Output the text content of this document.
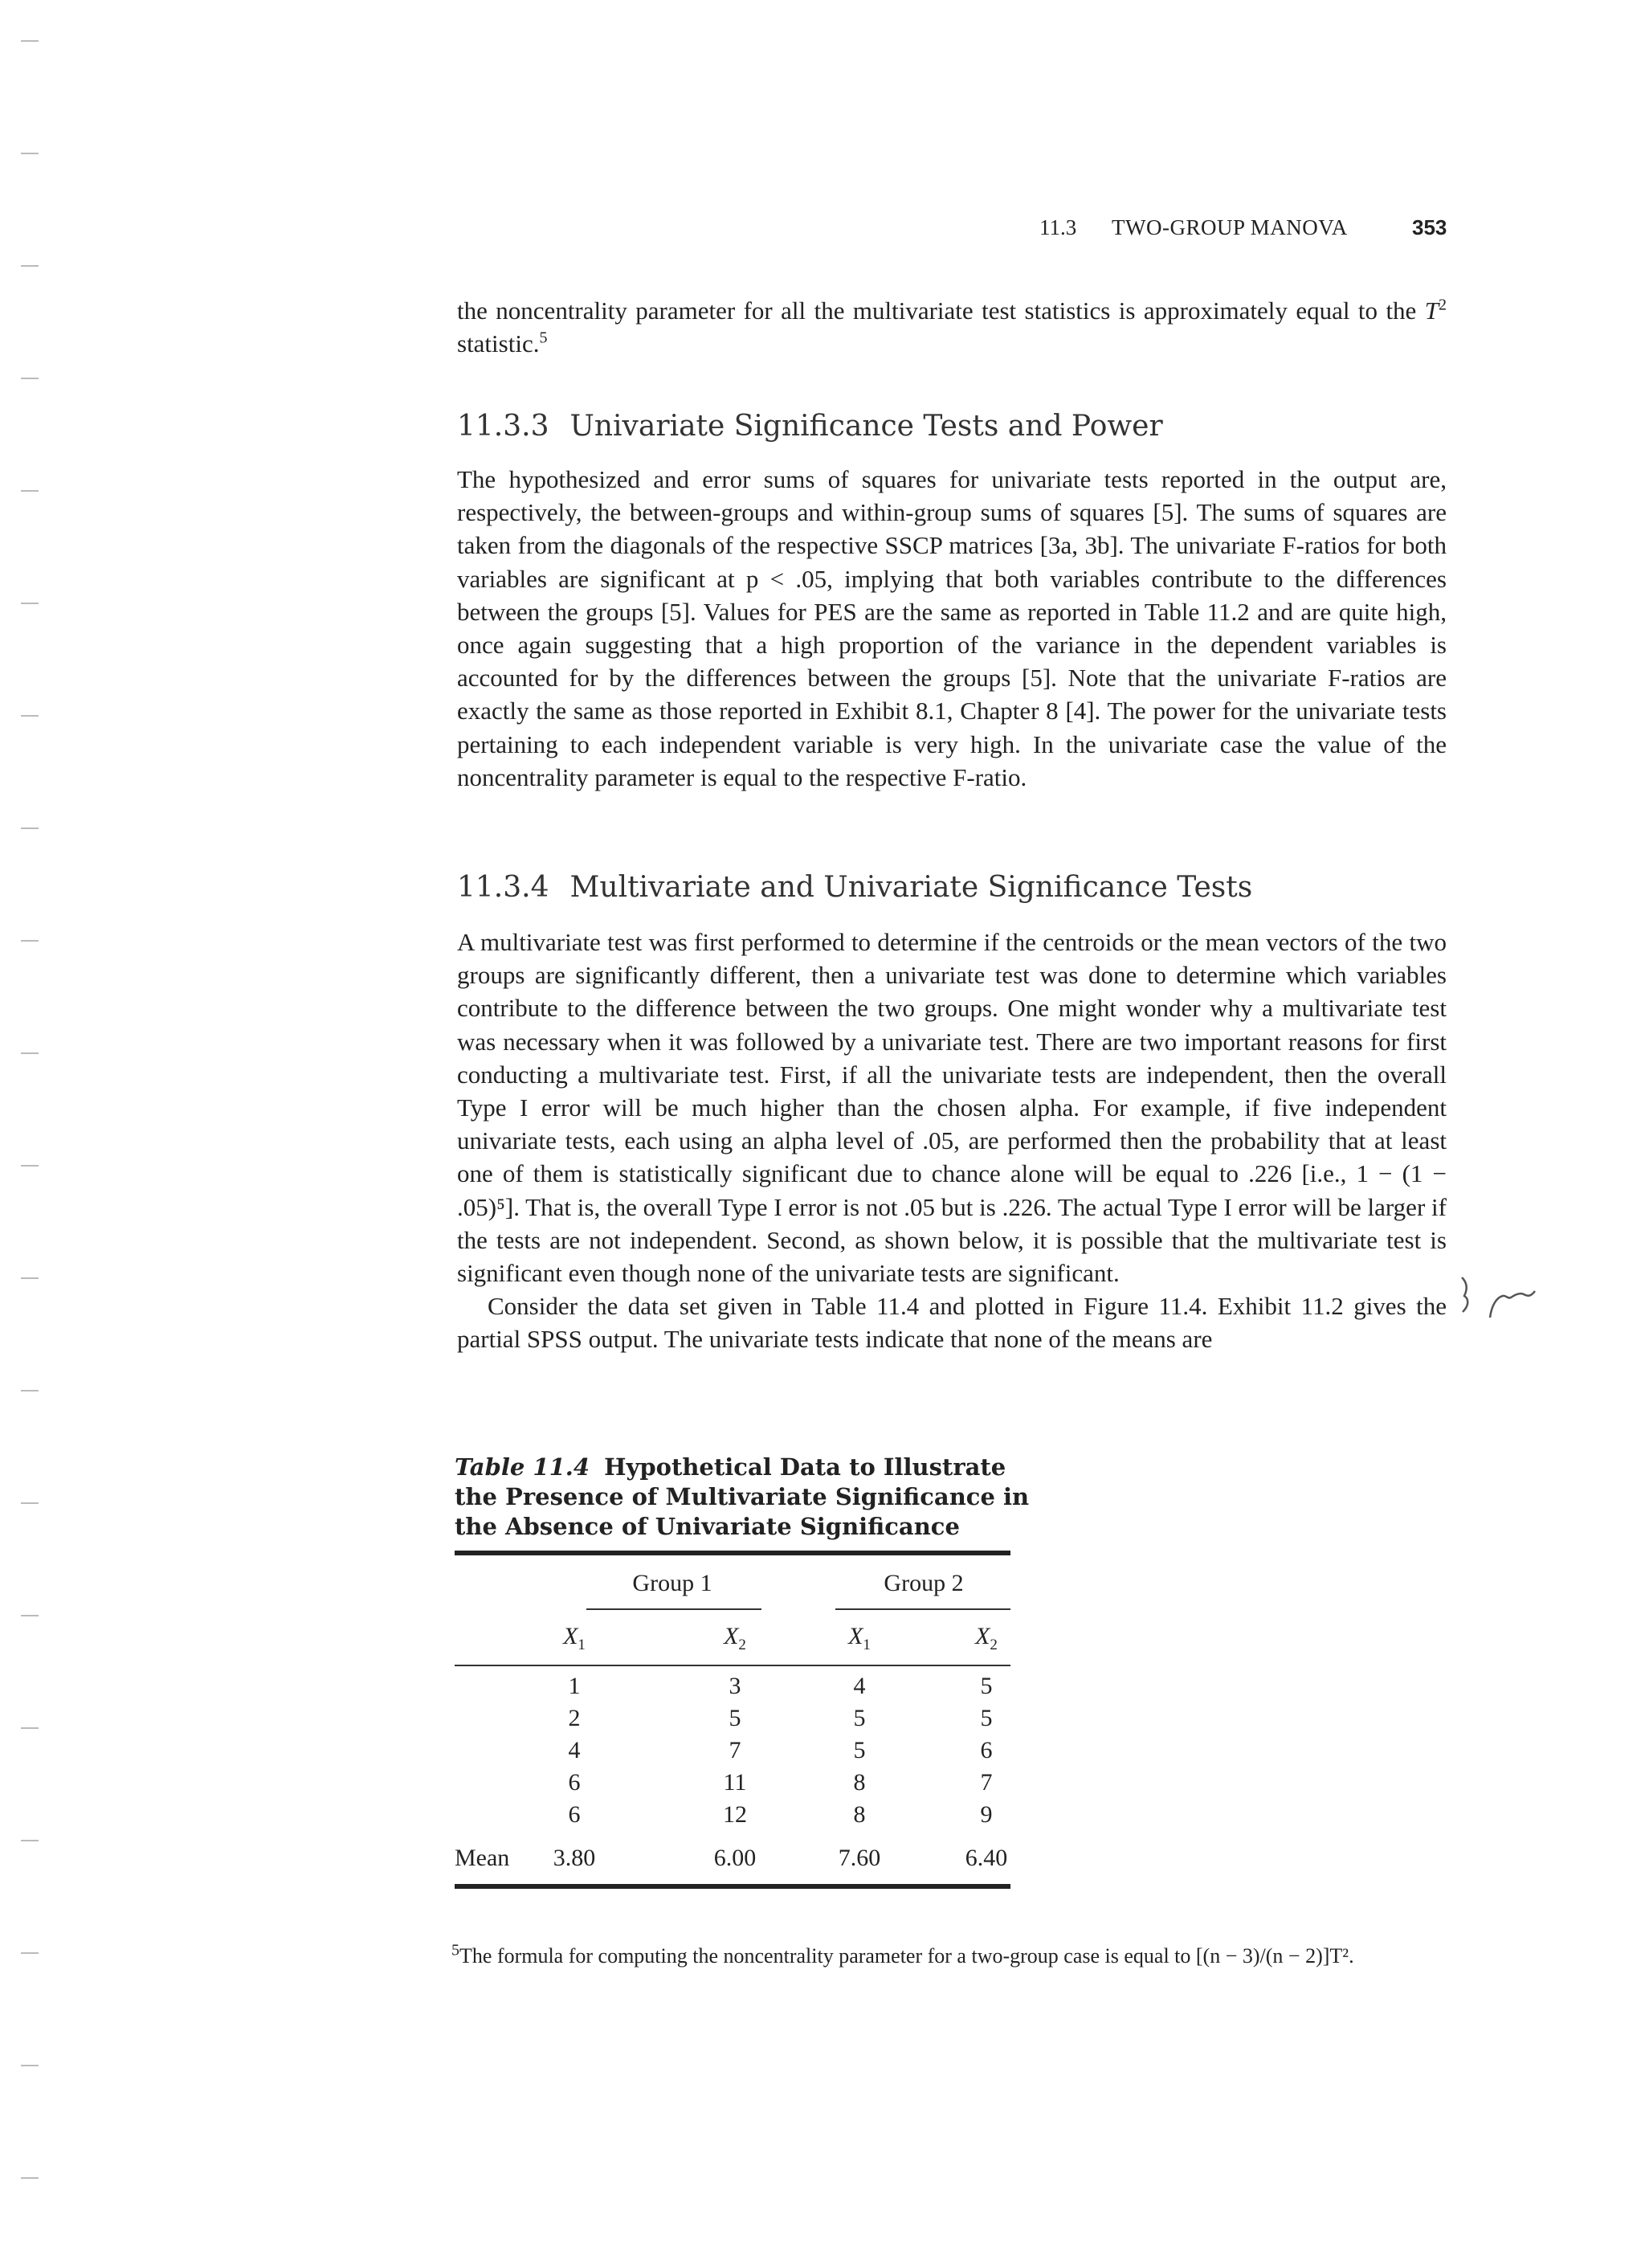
11.3 TWO-GROUP MANOVA	353

the noncentrality parameter for all the multivariate test statistics is approximately equal to the $T^2$ statistic.$^5$

11.3.3 Univariate Significance Tests and Power

The hypothesized and error sums of squares for univariate tests reported in the output are, respectively, the between-groups and within-group sums of squares [5]. The sums of squares are taken from the diagonals of the respective SSCP matrices [3a, 3b]. The univariate F-ratios for both variables are significant at p < .05, implying that both variables contribute to the differences between the groups [5]. Values for PES are the same as reported in Table 11.2 and are quite high, once again suggesting that a high proportion of the variance in the dependent variables is accounted for by the differences between the groups [5]. Note that the univariate F-ratios are exactly the same as those reported in Exhibit 8.1, Chapter 8 [4]. The power for the univariate tests pertaining to each independent variable is very high. In the univariate case the value of the noncentrality parameter is equal to the respective F-ratio.

11.3.4 Multivariate and Univariate Significance Tests

A multivariate test was first performed to determine if the centroids or the mean vectors of the two groups are significantly different, then a univariate test was done to determine which variables contribute to the difference between the two groups. One might wonder why a multivariate test was necessary when it was followed by a univariate test. There are two important reasons for first conducting a multivariate test. First, if all the univariate tests are independent, then the overall Type I error will be much higher than the chosen alpha. For example, if five independent univariate tests, each using an alpha level of .05, are performed then the probability that at least one of them is statistically significant due to chance alone will be equal to .226 [i.e., 1 − (1 − .05)⁵]. That is, the overall Type I error is not .05 but is .226. The actual Type I error will be larger if the tests are not independent. Second, as shown below, it is possible that the multivariate test is significant even though none of the univariate tests are significant.

Consider the data set given in Table 11.4 and plotted in Figure 11.4. Exhibit 11.2 gives the partial SPSS output. The univariate tests indicate that none of the means are

Table 11.4 Hypothetical Data to Illustrate the Presence of Multivariate Significance in the Absence of Univariate Significance
Group 1	Group 2
$X_1$	$X_2$	$X_1$	$X_2$
1	3	4	5
2	5	5	5
4	7	5	6
6	11	8	7
6	12	8	9
Mean	3.80	6.00	7.60	6.40
$^5$The formula for computing the noncentrality parameter for a two-group case is equal to [(n − 3)/(n − 2)]T².
